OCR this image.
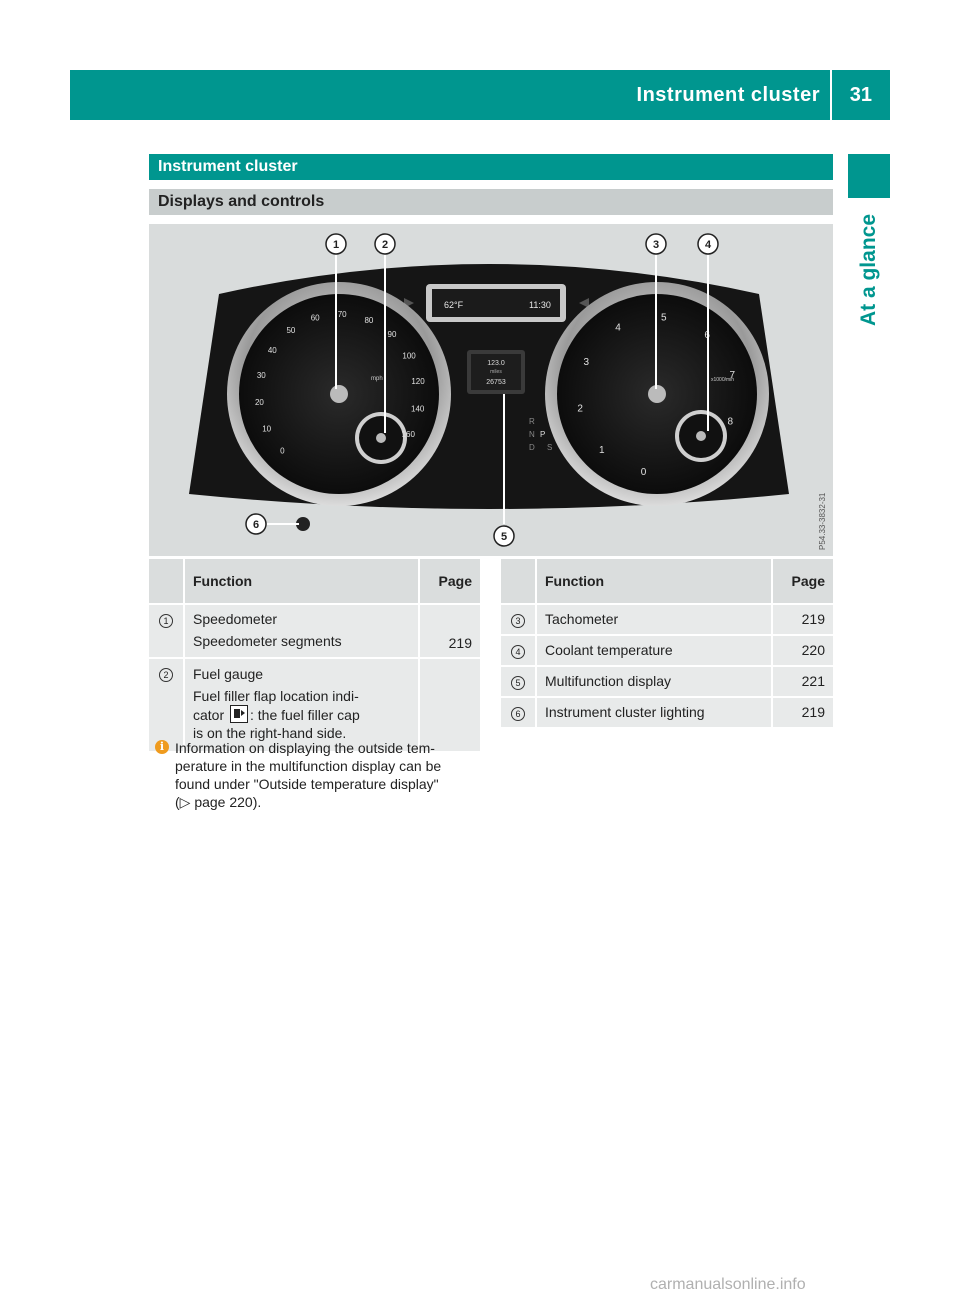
Instrument cluster 31
At a glance
Instrument cluster
Displays and controls
62°F	11:30
0
10
20
30
40
50
60 70
80
90
100
120
140
160
mph
123.0
miles
26753
R
N P
D S
0
1
2
3
4
5
6
7
8
x1000/min
1	2	3	4
5
6	P54.33-3832-31
	Function	Page
1	Speedometer
Speedometer segments	219
2	Fuel gauge
Fuel filler flap location indi-
cator : the fuel filler cap
is on the right-hand side.	

	Function	Page
3	Tachometer	219
4	Coolant temperature	220
5	Multifunction display	221
6	Instrument cluster lighting	219
i Information on displaying the outside tem-
perature in the multifunction display can be
found under "Outside temperature display"
(▷ page 220).
carmanualsonline.info
